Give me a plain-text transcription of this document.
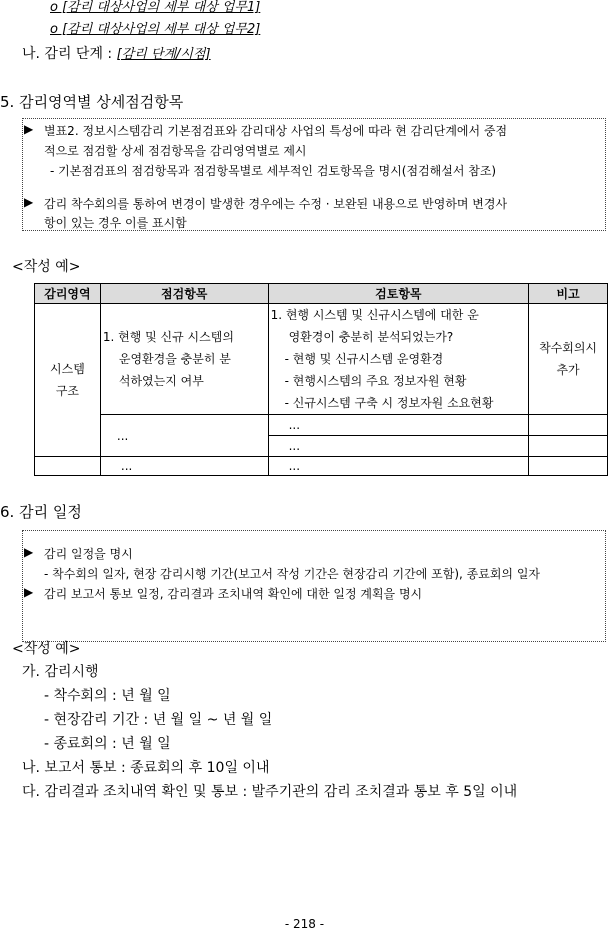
o [감리 대상사업의 세부 대상 업무1]
o [감리 대상사업의 세부 대상 업무2]
나. 감리 단계 : [감리 단계/시점]
5. 감리영역별 상세점검항목
▶ 별표2. 정보시스템감리 기본점검표와 감리대상 사업의 특성에 따라 현 감리단계에서 중점
적으로 점검할 상세 점검항목을 감리영역별로 제시
- 기본점검표의 점검항목과 점검항목별로 세부적인 검토항목을 명시(점검해설서 참조)
▶ 감리 착수회의를 통하여 변경이 발생한 경우에는 수정 · 보완된 내용으로 반영하며 변경사
항이 있는 경우 이를 표시함
<작성 예>
감리영역	점검항목	검토항목	비고

시스템
구조	1. 현행 및 신규 시스템의
운영환경을 충분히 분
석하였는지 여부	1. 현행 시스템 및 신규시스템에 대한 운
영환경이 충분히 분석되었는가?
- 현행 및 신규시스템 운영환경
- 현행시스템의 주요 정보자원 현황
- 신규시스템 구축 시 정보자원 소요현황	착수회의시
추가

	...	...	
		...	
	...	...	
6. 감리 일정
▶ 감리 일정을 명시
- 착수회의 일자, 현장 감리시행 기간(보고서 작성 기간은 현장감리 기간에 포함), 종료회의 일자
▶ 감리 보고서 통보 일정, 감리결과 조치내역 확인에 대한 일정 계획을 명시
<작성 예>
가. 감리시행
- 착수회의 : 년 월 일
- 현장감리 기간 : 년 월 일 ~ 년 월 일
- 종료회의 : 년 월 일
나. 보고서 통보 : 종료회의 후 10일 이내
다. 감리결과 조치내역 확인 및 통보 : 발주기관의 감리 조치결과 통보 후 5일 이내
- 218 -
